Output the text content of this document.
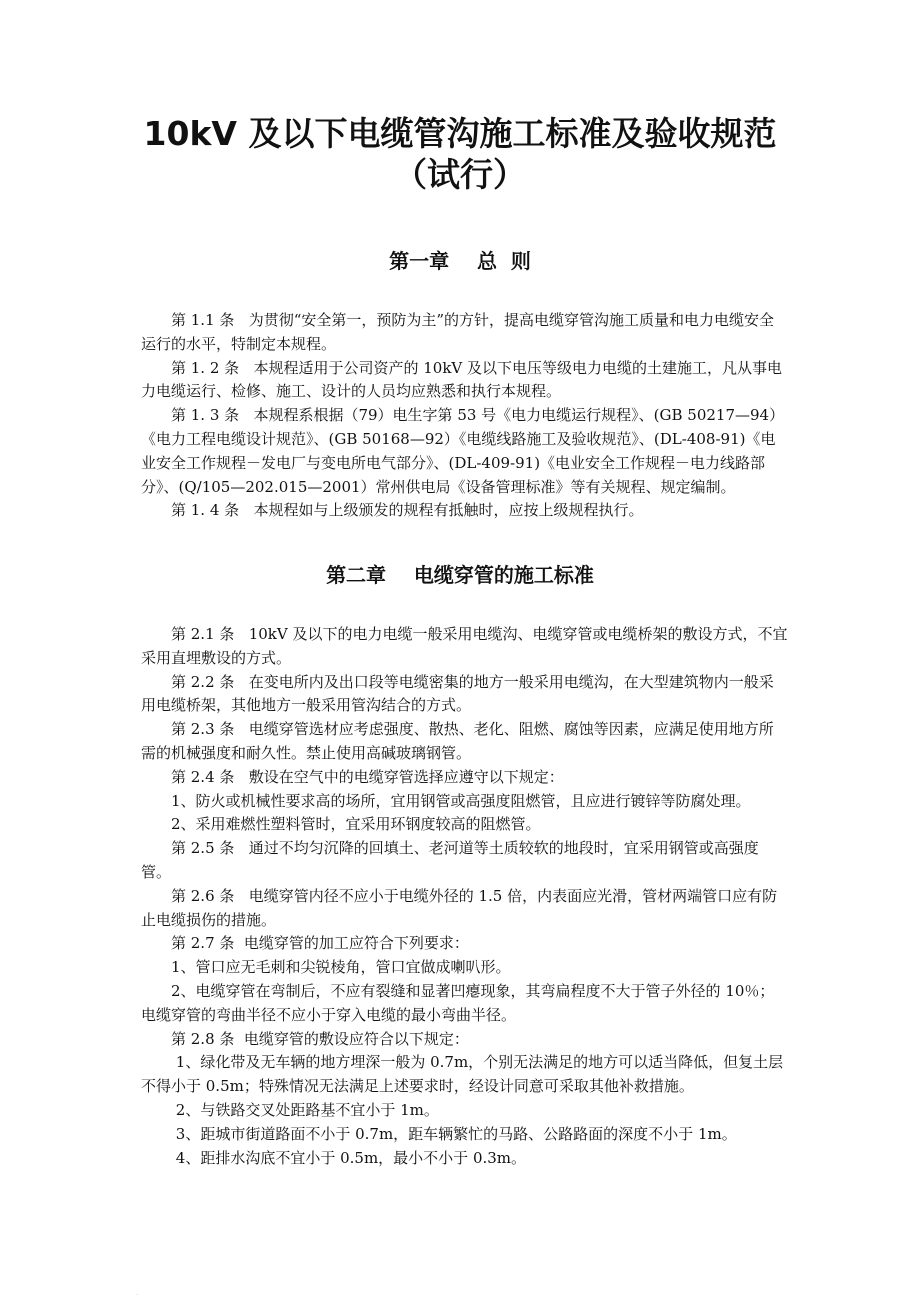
10kV 及以下电缆管沟施工标准及验收规范
（试行）
第一章    总  则

第 1.1 条   为贯彻“安全第一，预防为主”的方针，提高电缆穿管沟施工质量和电力电缆安全运行的水平，特制定本规程。

第 1. 2 条   本规程适用于公司资产的 10kV 及以下电压等级电力电缆的土建施工，凡从事电力电缆运行、检修、施工、设计的人员均应熟悉和执行本规程。

第 1. 3 条   本规程系根据（79）电生字第 53 号《电力电缆运行规程》、(GB 50217—94）《电力工程电缆设计规范》、(GB 50168—92）《电缆线路施工及验收规范》、(DL-408-91)《电业安全工作规程－发电厂与变电所电气部分》、(DL-409-91)《电业安全工作规程－电力线路部分》、(Q/105—202.015—2001）常州供电局《设备管理标准》等有关规程、规定编制。

第 1. 4 条   本规程如与上级颁发的规程有抵触时，应按上级规程执行。

第二章    电缆穿管的施工标准

第 2.1 条   10kV 及以下的电力电缆一般采用电缆沟、电缆穿管或电缆桥架的敷设方式，不宜采用直埋敷设的方式。

第 2.2 条   在变电所内及出口段等电缆密集的地方一般采用电缆沟，在大型建筑物内一般采用电缆桥架，其他地方一般采用管沟结合的方式。

第 2.3 条   电缆穿管选材应考虑强度、散热、老化、阻燃、腐蚀等因素，应满足使用地方所需的机械强度和耐久性。禁止使用高碱玻璃钢管。

第 2.4 条   敷设在空气中的电缆穿管选择应遵守以下规定：

1、防火或机械性要求高的场所，宜用钢管或高强度阻燃管，且应进行镀锌等防腐处理。

2、采用难燃性塑料管时，宜采用环钢度较高的阻燃管。

第 2.5 条   通过不均匀沉降的回填土、老河道等土质较软的地段时，宜采用钢管或高强度管。

第 2.6 条   电缆穿管内径不应小于电缆外径的 1.5 倍，内表面应光滑，管材两端管口应有防止电缆损伤的措施。

第 2.7 条  电缆穿管的加工应符合下列要求：

1、管口应无毛刺和尖锐棱角，管口宜做成喇叭形。

2、电缆穿管在弯制后，不应有裂缝和显著凹瘪现象，其弯扁程度不大于管子外径的 10％；电缆穿管的弯曲半径不应小于穿入电缆的最小弯曲半径。

第 2.8 条  电缆穿管的敷设应符合以下规定：

1、绿化带及无车辆的地方埋深一般为 0.7m，个别无法满足的地方可以适当降低，但复土层不得小于 0.5m；特殊情况无法满足上述要求时，经设计同意可采取其他补救措施。

2、与铁路交叉处距路基不宜小于 1m。

3、距城市街道路面不小于 0.7m，距车辆繁忙的马路、公路路面的深度不小于 1m。

4、距排水沟底不宜小于 0.5m，最小不小于 0.3m。

.
